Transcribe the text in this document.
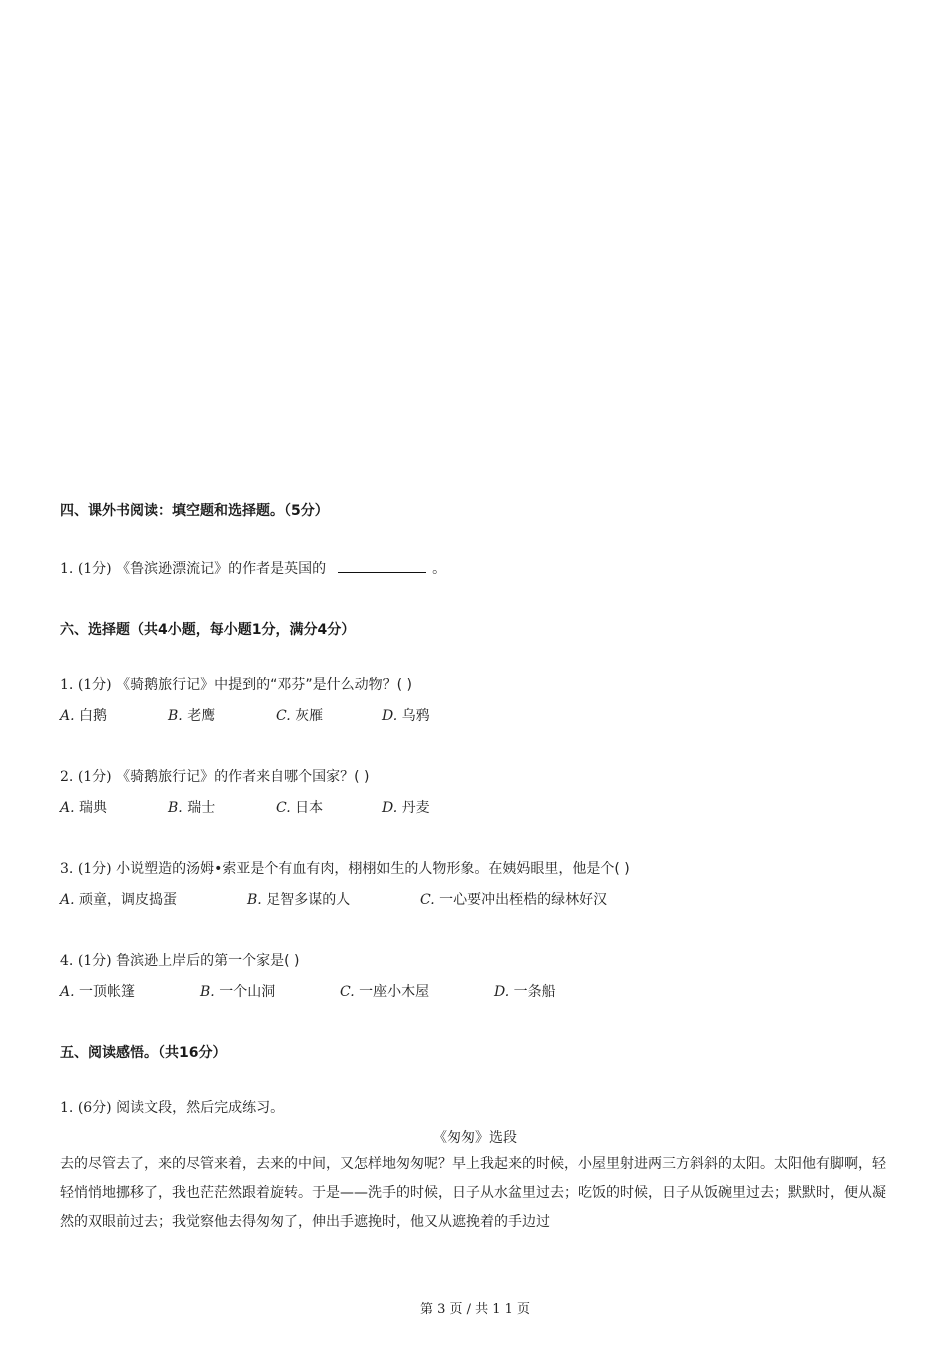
四、课外书阅读：填空题和选择题。（5分）
1. (1分) 《鲁滨逊漂流记》的作者是英国的	。
六、选择题（共4小题，每小题1分，满分4分）
1. (1分) 《骑鹅旅行记》中提到的“邓芬”是什么动物？( )
A. 白鹅	B. 老鹰	C. 灰雁	D. 乌鸦
2. (1分) 《骑鹅旅行记》的作者来自哪个国家？( )
A. 瑞典	B. 瑞士	C. 日本	D. 丹麦
3. (1分) 小说塑造的汤姆•索亚是个有血有肉，栩栩如生的人物形象。在姨妈眼里，他是个( )
A. 顽童，调皮捣蛋	B. 足智多谋的人	C. 一心要冲出桎梏的绿林好汉
4. (1分) 鲁滨逊上岸后的第一个家是( )
A. 一顶帐篷	B. 一个山洞	C. 一座小木屋	D. 一条船
五、阅读感悟。（共16分）
1. (6分) 阅读文段，然后完成练习。
《匆匆》选段
去的尽管去了，来的尽管来着，去来的中间，又怎样地匆匆呢？早上我起来的时候，小屋里射进两三方斜斜的太阳。太阳他有脚啊，轻轻悄悄地挪移了，我也茫茫然跟着旋转。于是——洗手的时候，日子从水盆里过去；吃饭的时候，日子从饭碗里过去；默默时，便从凝然的双眼前过去；我觉察他去得匆匆了，伸出手遮挽时，他又从遮挽着的手边过
第 3 页 / 共 1 1 页
